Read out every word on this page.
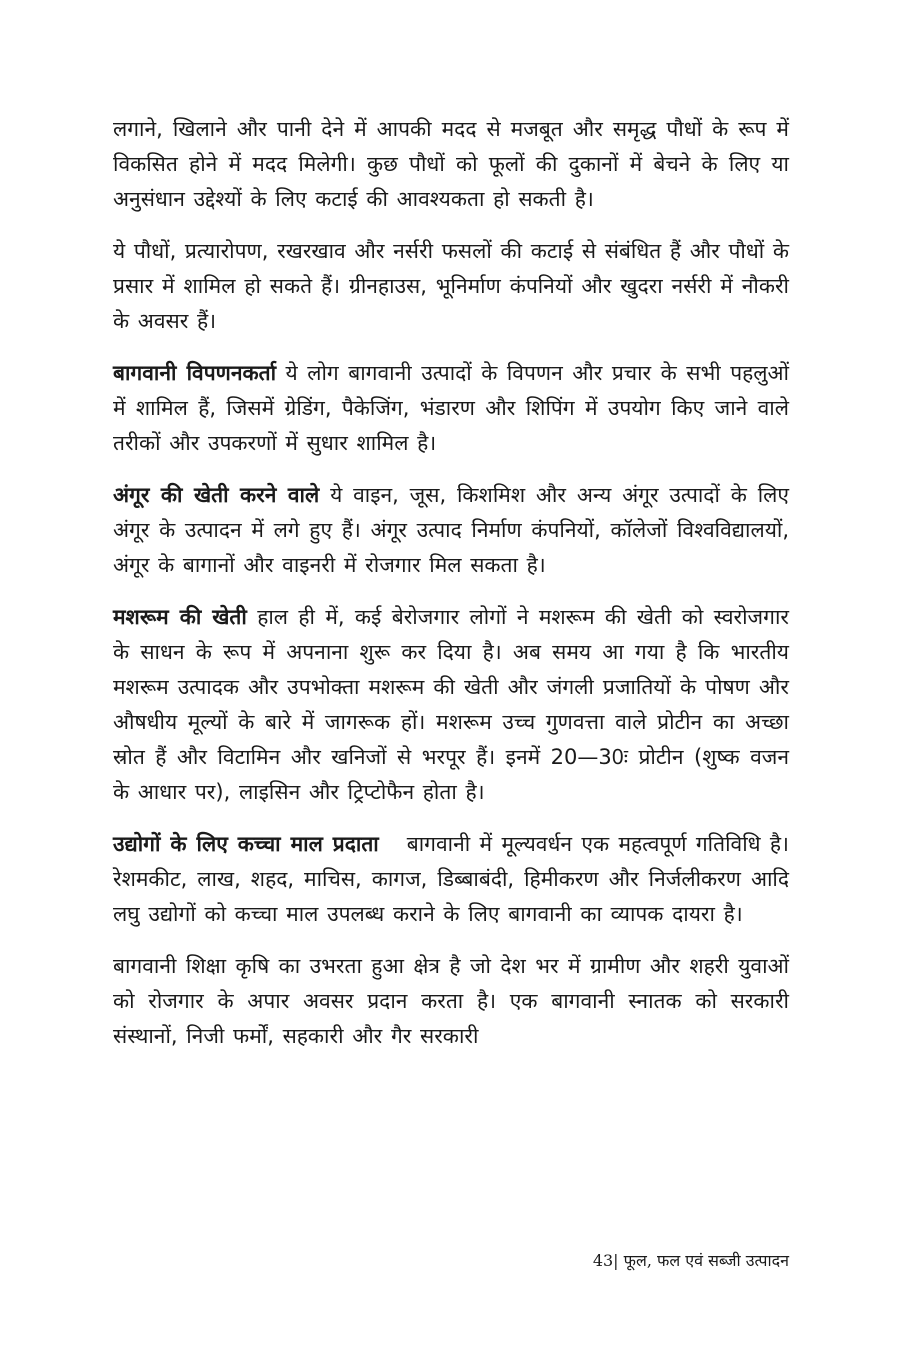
लगाने, खिलाने और पानी देने में आपकी मदद से मजबूत और समृद्ध पौधों के रूप में विकसित होने में मदद मिलेगी। कुछ पौधों को फूलों की दुकानों में बेचने के लिए या अनुसंधान उद्देश्यों के लिए कटाई की आवश्यकता हो सकती है।

ये पौधों, प्रत्यारोपण, रखरखाव और नर्सरी फसलों की कटाई से संबंधित हैं और पौधों के प्रसार में शामिल हो सकते हैं। ग्रीनहाउस, भूनिर्माण कंपनियों और खुदरा नर्सरी में नौकरी के अवसर हैं।

बागवानी विपणनकर्ता ये लोग बागवानी उत्पादों के विपणन और प्रचार के सभी पहलुओं में शामिल हैं, जिसमें ग्रेडिंग, पैकेजिंग, भंडारण और शिपिंग में उपयोग किए जाने वाले तरीकों और उपकरणों में सुधार शामिल है।

अंगूर की खेती करने वाले ये वाइन, जूस, किशमिश और अन्य अंगूर उत्पादों के लिए अंगूर के उत्पादन में लगे हुए हैं। अंगूर उत्पाद निर्माण कंपनियों, कॉलेजों विश्वविद्यालयों, अंगूर के बागानों और वाइनरी में रोजगार मिल सकता है।

मशरूम की खेती हाल ही में, कई बेरोजगार लोगों ने मशरूम की खेती को स्वरोजगार के साधन के रूप में अपनाना शुरू कर दिया है। अब समय आ गया है कि भारतीय मशरूम उत्पादक और उपभोक्ता मशरूम की खेती और जंगली प्रजातियों के पोषण और औषधीय मूल्यों के बारे में जागरूक हों। मशरूम उच्च गुणवत्ता वाले प्रोटीन का अच्छा स्रोत हैं और विटामिन और खनिजों से भरपूर हैं। इनमें 20—30ः प्रोटीन (शुष्क वजन के आधार पर), लाइसिन और ट्रिप्टोफैन होता है।

उद्योगों के लिए कच्चा माल प्रदाता बागवानी में मूल्यवर्धन एक महत्वपूर्ण गतिविधि है। रेशमकीट, लाख, शहद, माचिस, कागज, डिब्बाबंदी, हिमीकरण और निर्जलीकरण आदि लघु उद्योगों को कच्चा माल उपलब्ध कराने के लिए बागवानी का व्यापक दायरा है।

बागवानी शिक्षा कृषि का उभरता हुआ क्षेत्र है जो देश भर में ग्रामीण और शहरी युवाओं को रोजगार के अपार अवसर प्रदान करता है। एक बागवानी स्नातक को सरकारी संस्थानों, निजी फर्मों, सहकारी और गैर सरकारी

43| फूल, फल एवं सब्जी उत्पादन
